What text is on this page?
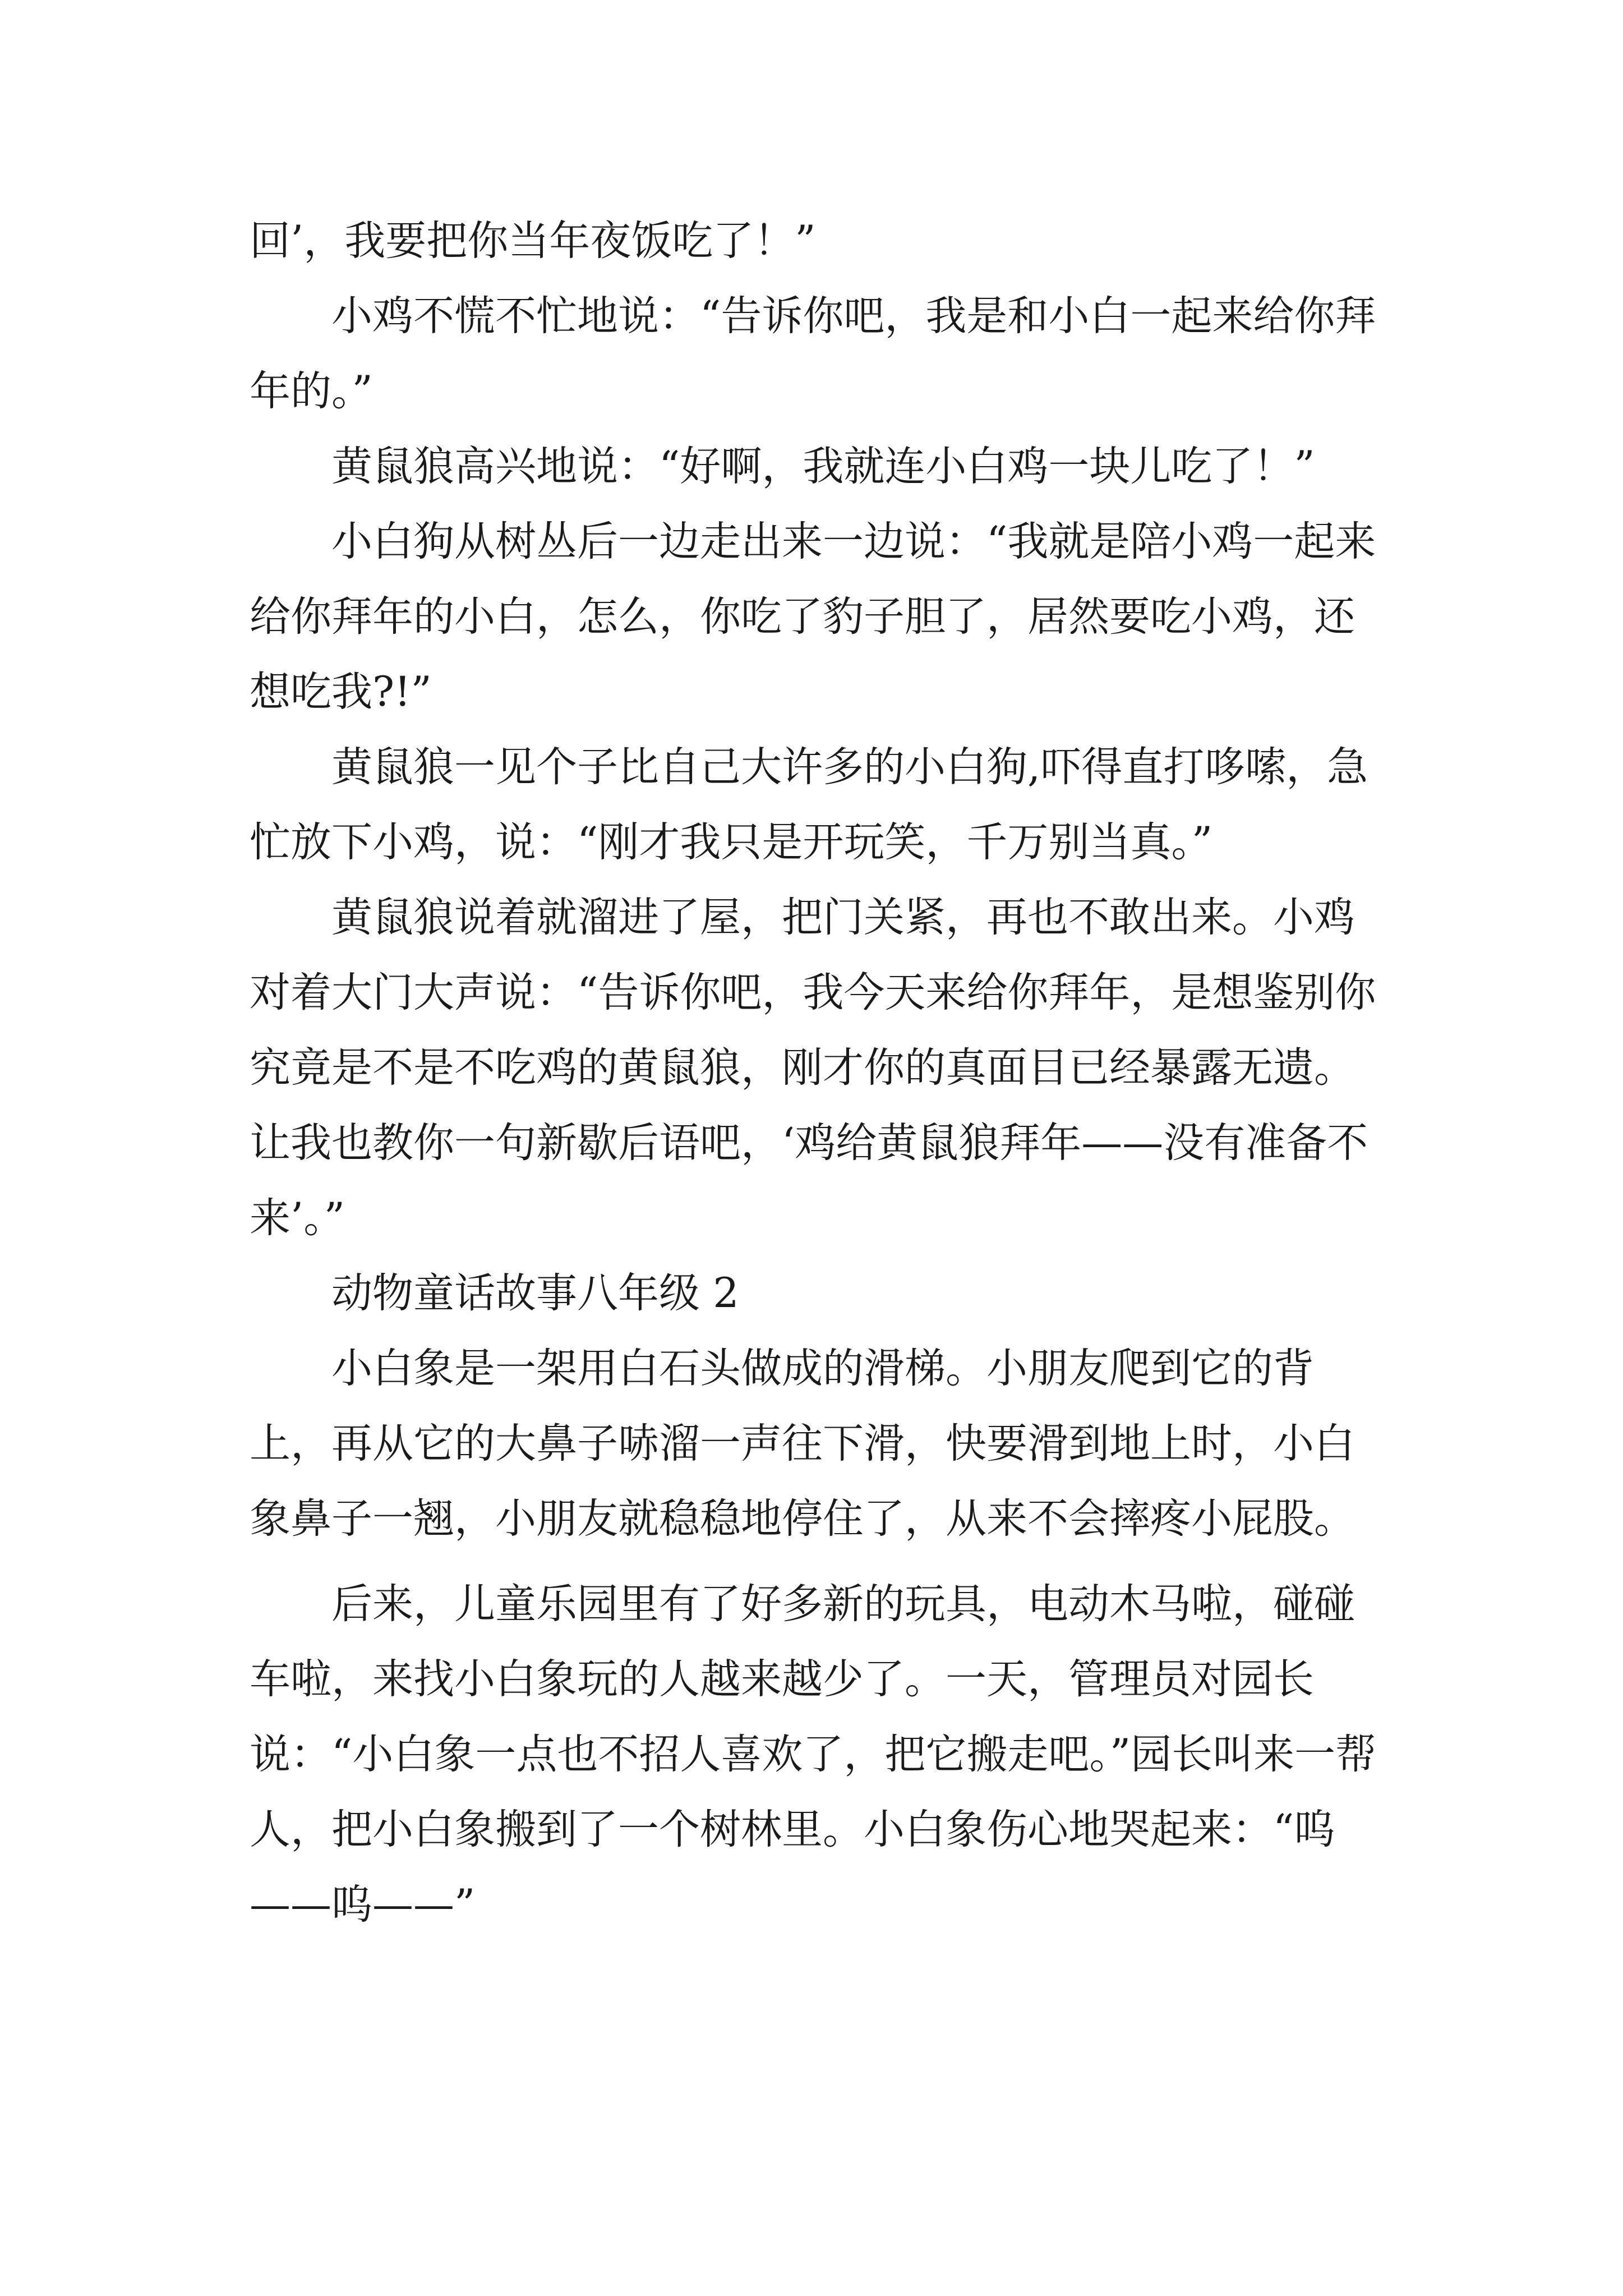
回’，我要把你当年夜饭吃了！”

小鸡不慌不忙地说：“告诉你吧，我是和小白一起来给你拜年的。”

黄鼠狼高兴地说：“好啊，我就连小白鸡一块儿吃了！”

小白狗从树丛后一边走出来一边说：“我就是陪小鸡一起来给你拜年的小白，怎么，你吃了豹子胆了，居然要吃小鸡，还想吃我?!”

黄鼠狼一见个子比自己大许多的小白狗,吓得直打哆嗦，急忙放下小鸡，说：“刚才我只是开玩笑，千万别当真。”

黄鼠狼说着就溜进了屋，把门关紧，再也不敢出来。小鸡对着大门大声说：“告诉你吧，我今天来给你拜年，是想鉴别你究竟是不是不吃鸡的黄鼠狼，刚才你的真面目已经暴露无遗。让我也教你一句新歇后语吧，‘鸡给黄鼠狼拜年——没有准备不来’。”

动物童话故事八年级 2

小白象是一架用白石头做成的滑梯。小朋友爬到它的背上，再从它的大鼻子哧溜一声往下滑，快要滑到地上时，小白象鼻子一翘，小朋友就稳稳地停住了，从来不会摔疼小屁股。

后来，儿童乐园里有了好多新的玩具，电动木马啦，碰碰车啦，来找小白象玩的人越来越少了。一天，管理员对园长说：“小白象一点也不招人喜欢了，把它搬走吧。”园长叫来一帮人，把小白象搬到了一个树林里。小白象伤心地哭起来：“呜——呜——”
